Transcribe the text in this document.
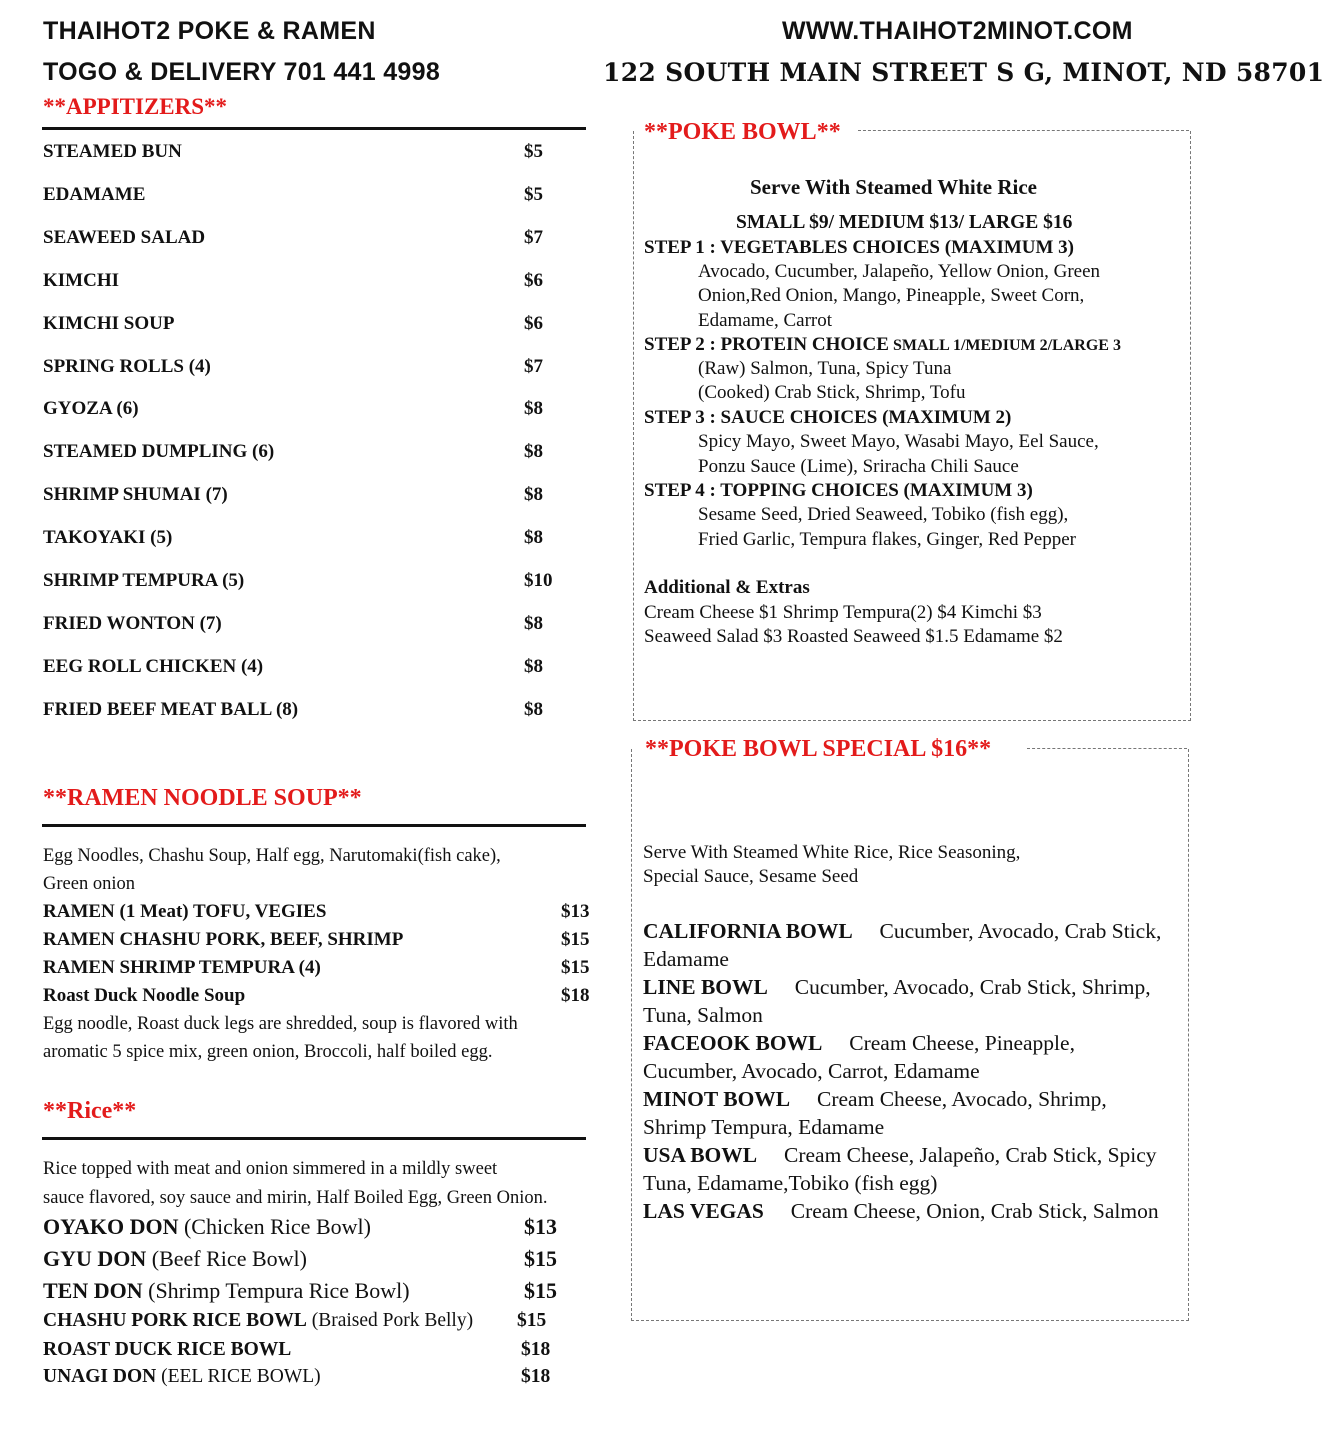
THAIHOT2 POKE & RAMEN
TOGO & DELIVERY 701 441 4998
WWW.THAIHOT2MINOT.COM
122 SOUTH MAIN STREET S G, MINOT, ND 58701
**APPITIZERS**
STEAMED BUN	$5
EDAMAME	$5
SEAWEED SALAD	$7
KIMCHI	$6
KIMCHI SOUP	$6
SPRING ROLLS (4)	$7
GYOZA (6)	$8
STEAMED DUMPLING (6)	$8
SHRIMP SHUMAI (7)	$8
TAKOYAKI (5)	$8
SHRIMP TEMPURA (5)	$10
FRIED WONTON (7)	$8
EEG ROLL CHICKEN (4)	$8
FRIED BEEF MEAT BALL (8)	$8
**RAMEN NOODLE SOUP**
Egg Noodles, Chashu Soup, Half egg, Narutomaki(fish cake),
Green onion
RAMEN (1 Meat) TOFU, VEGIES	$13
RAMEN CHASHU PORK, BEEF, SHRIMP	$15
RAMEN SHRIMP TEMPURA (4)	$15
Roast Duck Noodle Soup	$18
Egg noodle, Roast duck legs are shredded, soup is flavored with
aromatic 5 spice mix, green onion, Broccoli, half boiled egg.
**Rice**
Rice topped with meat and onion simmered in a mildly sweet
sauce flavored, soy sauce and mirin, Half Boiled Egg, Green Onion.
OYAKO DON (Chicken Rice Bowl)	$13
GYU DON (Beef Rice Bowl)	$15
TEN DON (Shrimp Tempura Rice Bowl)	$15
CHASHU PORK RICE BOWL (Braised Pork Belly) $15
ROAST DUCK RICE BOWL	$18
UNAGI DON (EEL RICE BOWL)	$18
**POKE BOWL**
Serve With Steamed White Rice
SMALL $9/ MEDIUM $13/ LARGE $16
STEP 1 : VEGETABLES CHOICES (MAXIMUM 3)
Avocado, Cucumber, Jalapeño, Yellow Onion, Green
Onion,Red Onion, Mango, Pineapple, Sweet Corn,
Edamame, Carrot
STEP 2 : PROTEIN CHOICE SMALL 1/MEDIUM 2/LARGE 3
(Raw) Salmon, Tuna, Spicy Tuna
(Cooked) Crab Stick, Shrimp, Tofu
STEP 3 : SAUCE CHOICES (MAXIMUM 2)
Spicy Mayo, Sweet Mayo, Wasabi Mayo, Eel Sauce,
Ponzu Sauce (Lime), Sriracha Chili Sauce
STEP 4 : TOPPING CHOICES (MAXIMUM 3)
Sesame Seed, Dried Seaweed, Tobiko (fish egg),
Fried Garlic, Tempura flakes, Ginger, Red Pepper
Additional & Extras
Cream Cheese $1 Shrimp Tempura(2) $4 Kimchi $3
Seaweed Salad $3 Roasted Seaweed $1.5 Edamame $2
**POKE BOWL SPECIAL $16**
Serve With Steamed White Rice, Rice Seasoning,
Special Sauce, Sesame Seed
CALIFORNIA BOWL     Cucumber, Avocado, Crab Stick, Edamame
LINE BOWL     Cucumber, Avocado, Crab Stick, Shrimp, Tuna, Salmon
FACEOOK BOWL     Cream Cheese, Pineapple, Cucumber, Avocado, Carrot, Edamame
MINOT BOWL     Cream Cheese, Avocado, Shrimp, Shrimp Tempura, Edamame
USA BOWL     Cream Cheese, Jalapeño, Crab Stick, Spicy Tuna, Edamame,Tobiko (fish egg)
LAS VEGAS     Cream Cheese, Onion, Crab Stick, Salmon
